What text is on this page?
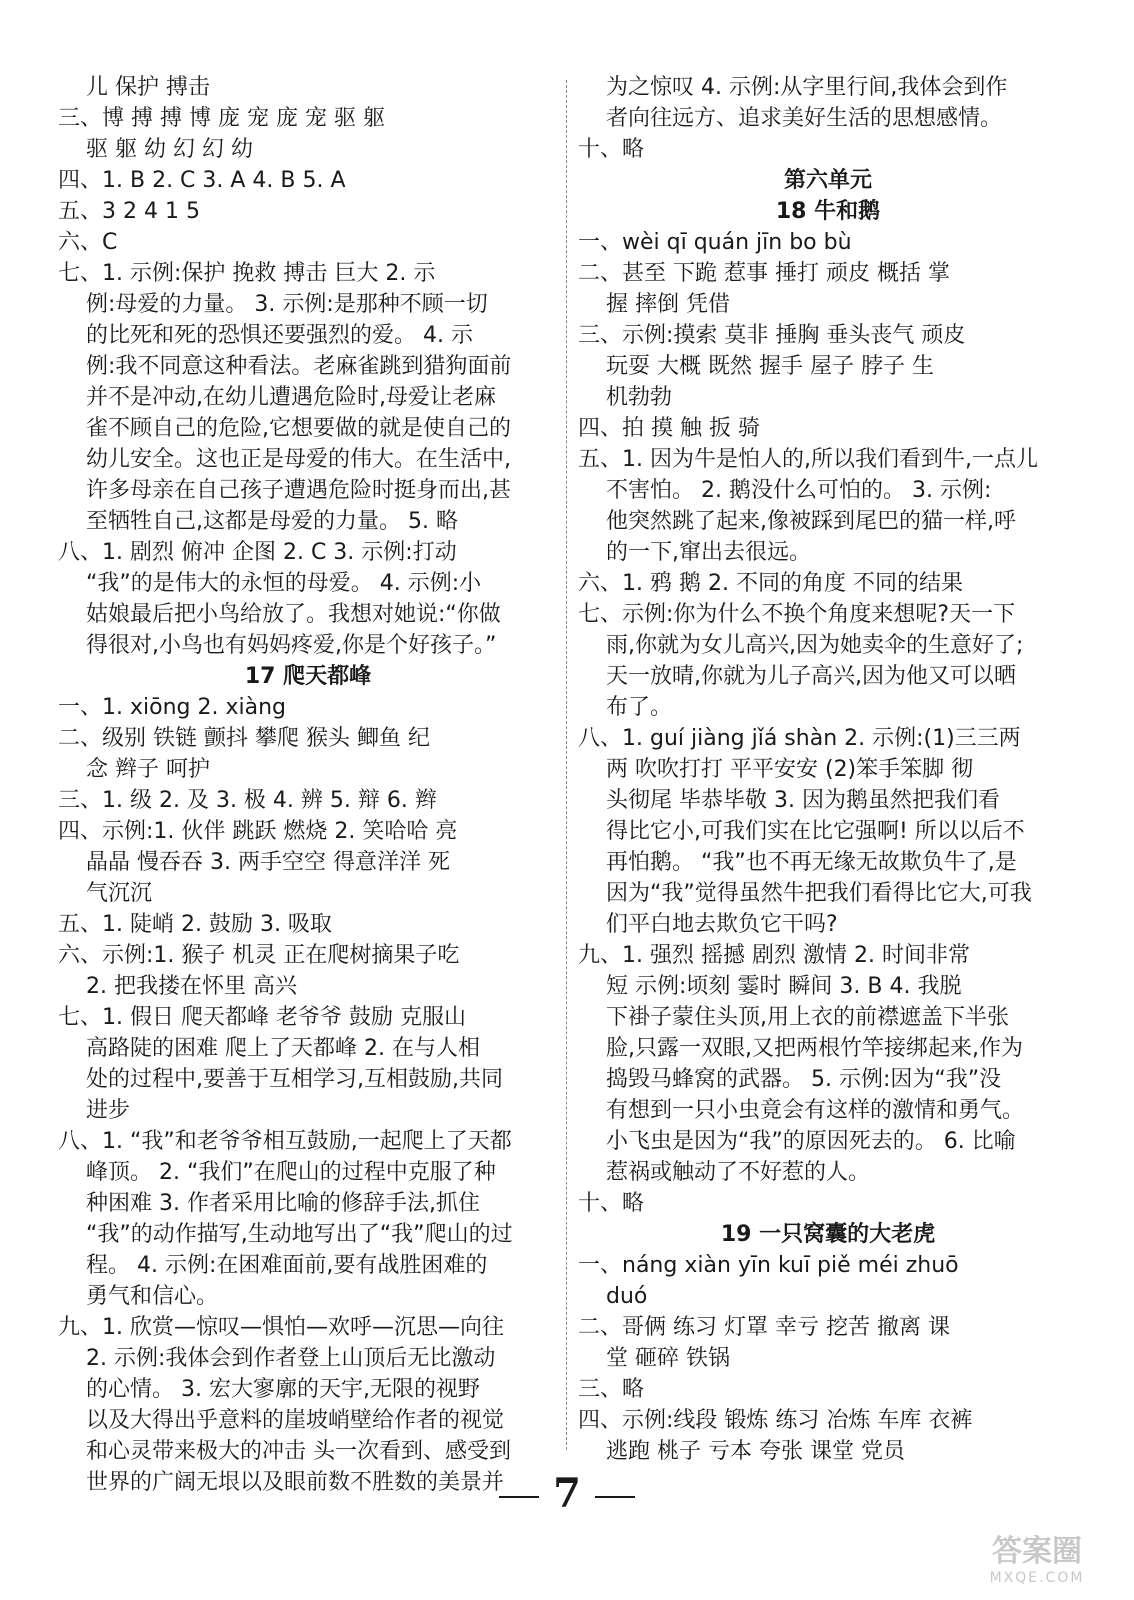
儿 保护 搏击
三、博 搏 搏 博 庞 宠 庞 宠 驱 躯
驱 躯 幼 幻 幻 幼
四、1. B 2. C 3. A 4. B 5. A
五、3 2 4 1 5
六、C
七、1. 示例:保护 挽救 搏击 巨大 2. 示
例:母爱的力量。 3. 示例:是那种不顾一切
的比死和死的恐惧还要强烈的爱。 4. 示
例:我不同意这种看法。老麻雀跳到猎狗面前
并不是冲动,在幼儿遭遇危险时,母爱让老麻
雀不顾自己的危险,它想要做的就是使自己的
幼儿安全。这也正是母爱的伟大。在生活中,
许多母亲在自己孩子遭遇危险时挺身而出,甚
至牺牲自己,这都是母爱的力量。 5. 略
八、1. 剧烈 俯冲 企图 2. C 3. 示例:打动
“我”的是伟大的永恒的母爱。 4. 示例:小
姑娘最后把小鸟给放了。我想对她说:“你做
得很对,小鸟也有妈妈疼爱,你是个好孩子。”
17 爬天都峰
一、1. xiōng 2. xiàng
二、级别 铁链 颤抖 攀爬 猴头 鲫鱼 纪
念 辫子 呵护
三、1. 级 2. 及 3. 极 4. 辨 5. 辩 6. 辫
四、示例:1. 伙伴 跳跃 燃烧 2. 笑哈哈 亮
晶晶 慢吞吞 3. 两手空空 得意洋洋 死
气沉沉
五、1. 陡峭 2. 鼓励 3. 吸取
六、示例:1. 猴子 机灵 正在爬树摘果子吃
2. 把我搂在怀里 高兴
七、1. 假日 爬天都峰 老爷爷 鼓励 克服山
高路陡的困难 爬上了天都峰 2. 在与人相
处的过程中,要善于互相学习,互相鼓励,共同
进步
八、1. “我”和老爷爷相互鼓励,一起爬上了天都
峰顶。 2. “我们”在爬山的过程中克服了种
种困难 3. 作者采用比喻的修辞手法,抓住
“我”的动作描写,生动地写出了“我”爬山的过
程。 4. 示例:在困难面前,要有战胜困难的
勇气和信心。
九、1. 欣赏—惊叹—惧怕—欢呼—沉思—向往
2. 示例:我体会到作者登上山顶后无比激动
的心情。 3. 宏大寥廓的天宇,无限的视野
以及大得出乎意料的崖坡峭壁给作者的视觉
和心灵带来极大的冲击 头一次看到、感受到
世界的广阔无垠以及眼前数不胜数的美景并
为之惊叹 4. 示例:从字里行间,我体会到作
者向往远方、追求美好生活的思想感情。
十、略
第六单元
18 牛和鹅
一、wèi qī quán jīn bo bù
二、甚至 下跪 惹事 捶打 顽皮 概括 掌
握 摔倒 凭借
三、示例:摸索 莫非 捶胸 垂头丧气 顽皮
玩耍 大概 既然 握手 屋子 脖子 生
机勃勃
四、拍 摸 触 扳 骑
五、1. 因为牛是怕人的,所以我们看到牛,一点儿
不害怕。 2. 鹅没什么可怕的。 3. 示例:
他突然跳了起来,像被踩到尾巴的猫一样,呼
的一下,窜出去很远。
六、1. 鸦 鹅 2. 不同的角度 不同的结果
七、示例:你为什么不换个角度来想呢?天一下
雨,你就为女儿高兴,因为她卖伞的生意好了;
天一放晴,你就为儿子高兴,因为他又可以晒
布了。
八、1. guí jiàng jǐá shàn 2. 示例:(1)三三两
两 吹吹打打 平平安安 (2)笨手笨脚 彻
头彻尾 毕恭毕敬 3. 因为鹅虽然把我们看
得比它小,可我们实在比它强啊! 所以以后不
再怕鹅。 “我”也不再无缘无故欺负牛了,是
因为“我”觉得虽然牛把我们看得比它大,可我
们平白地去欺负它干吗?
九、1. 强烈 摇撼 剧烈 激情 2. 时间非常
短 示例:顷刻 霎时 瞬间 3. B 4. 我脱
下褂子蒙住头顶,用上衣的前襟遮盖下半张
脸,只露一双眼,又把两根竹竿接绑起来,作为
捣毁马蜂窝的武器。 5. 示例:因为“我”没
有想到一只小虫竟会有这样的激情和勇气。
小飞虫是因为“我”的原因死去的。 6. 比喻
惹祸或触动了不好惹的人。
十、略
19 一只窝囊的大老虎
一、náng xiàn yīn kuī piě méi zhuō
duó
二、哥俩 练习 灯罩 幸亏 挖苦 撤离 课
堂 砸碎 铁锅
三、略
四、示例:线段 锻炼 练习 冶炼 车库 衣裤
逃跑 桃子 亏本 夸张 课堂 党员
7
答案圈
MXQE.COM
